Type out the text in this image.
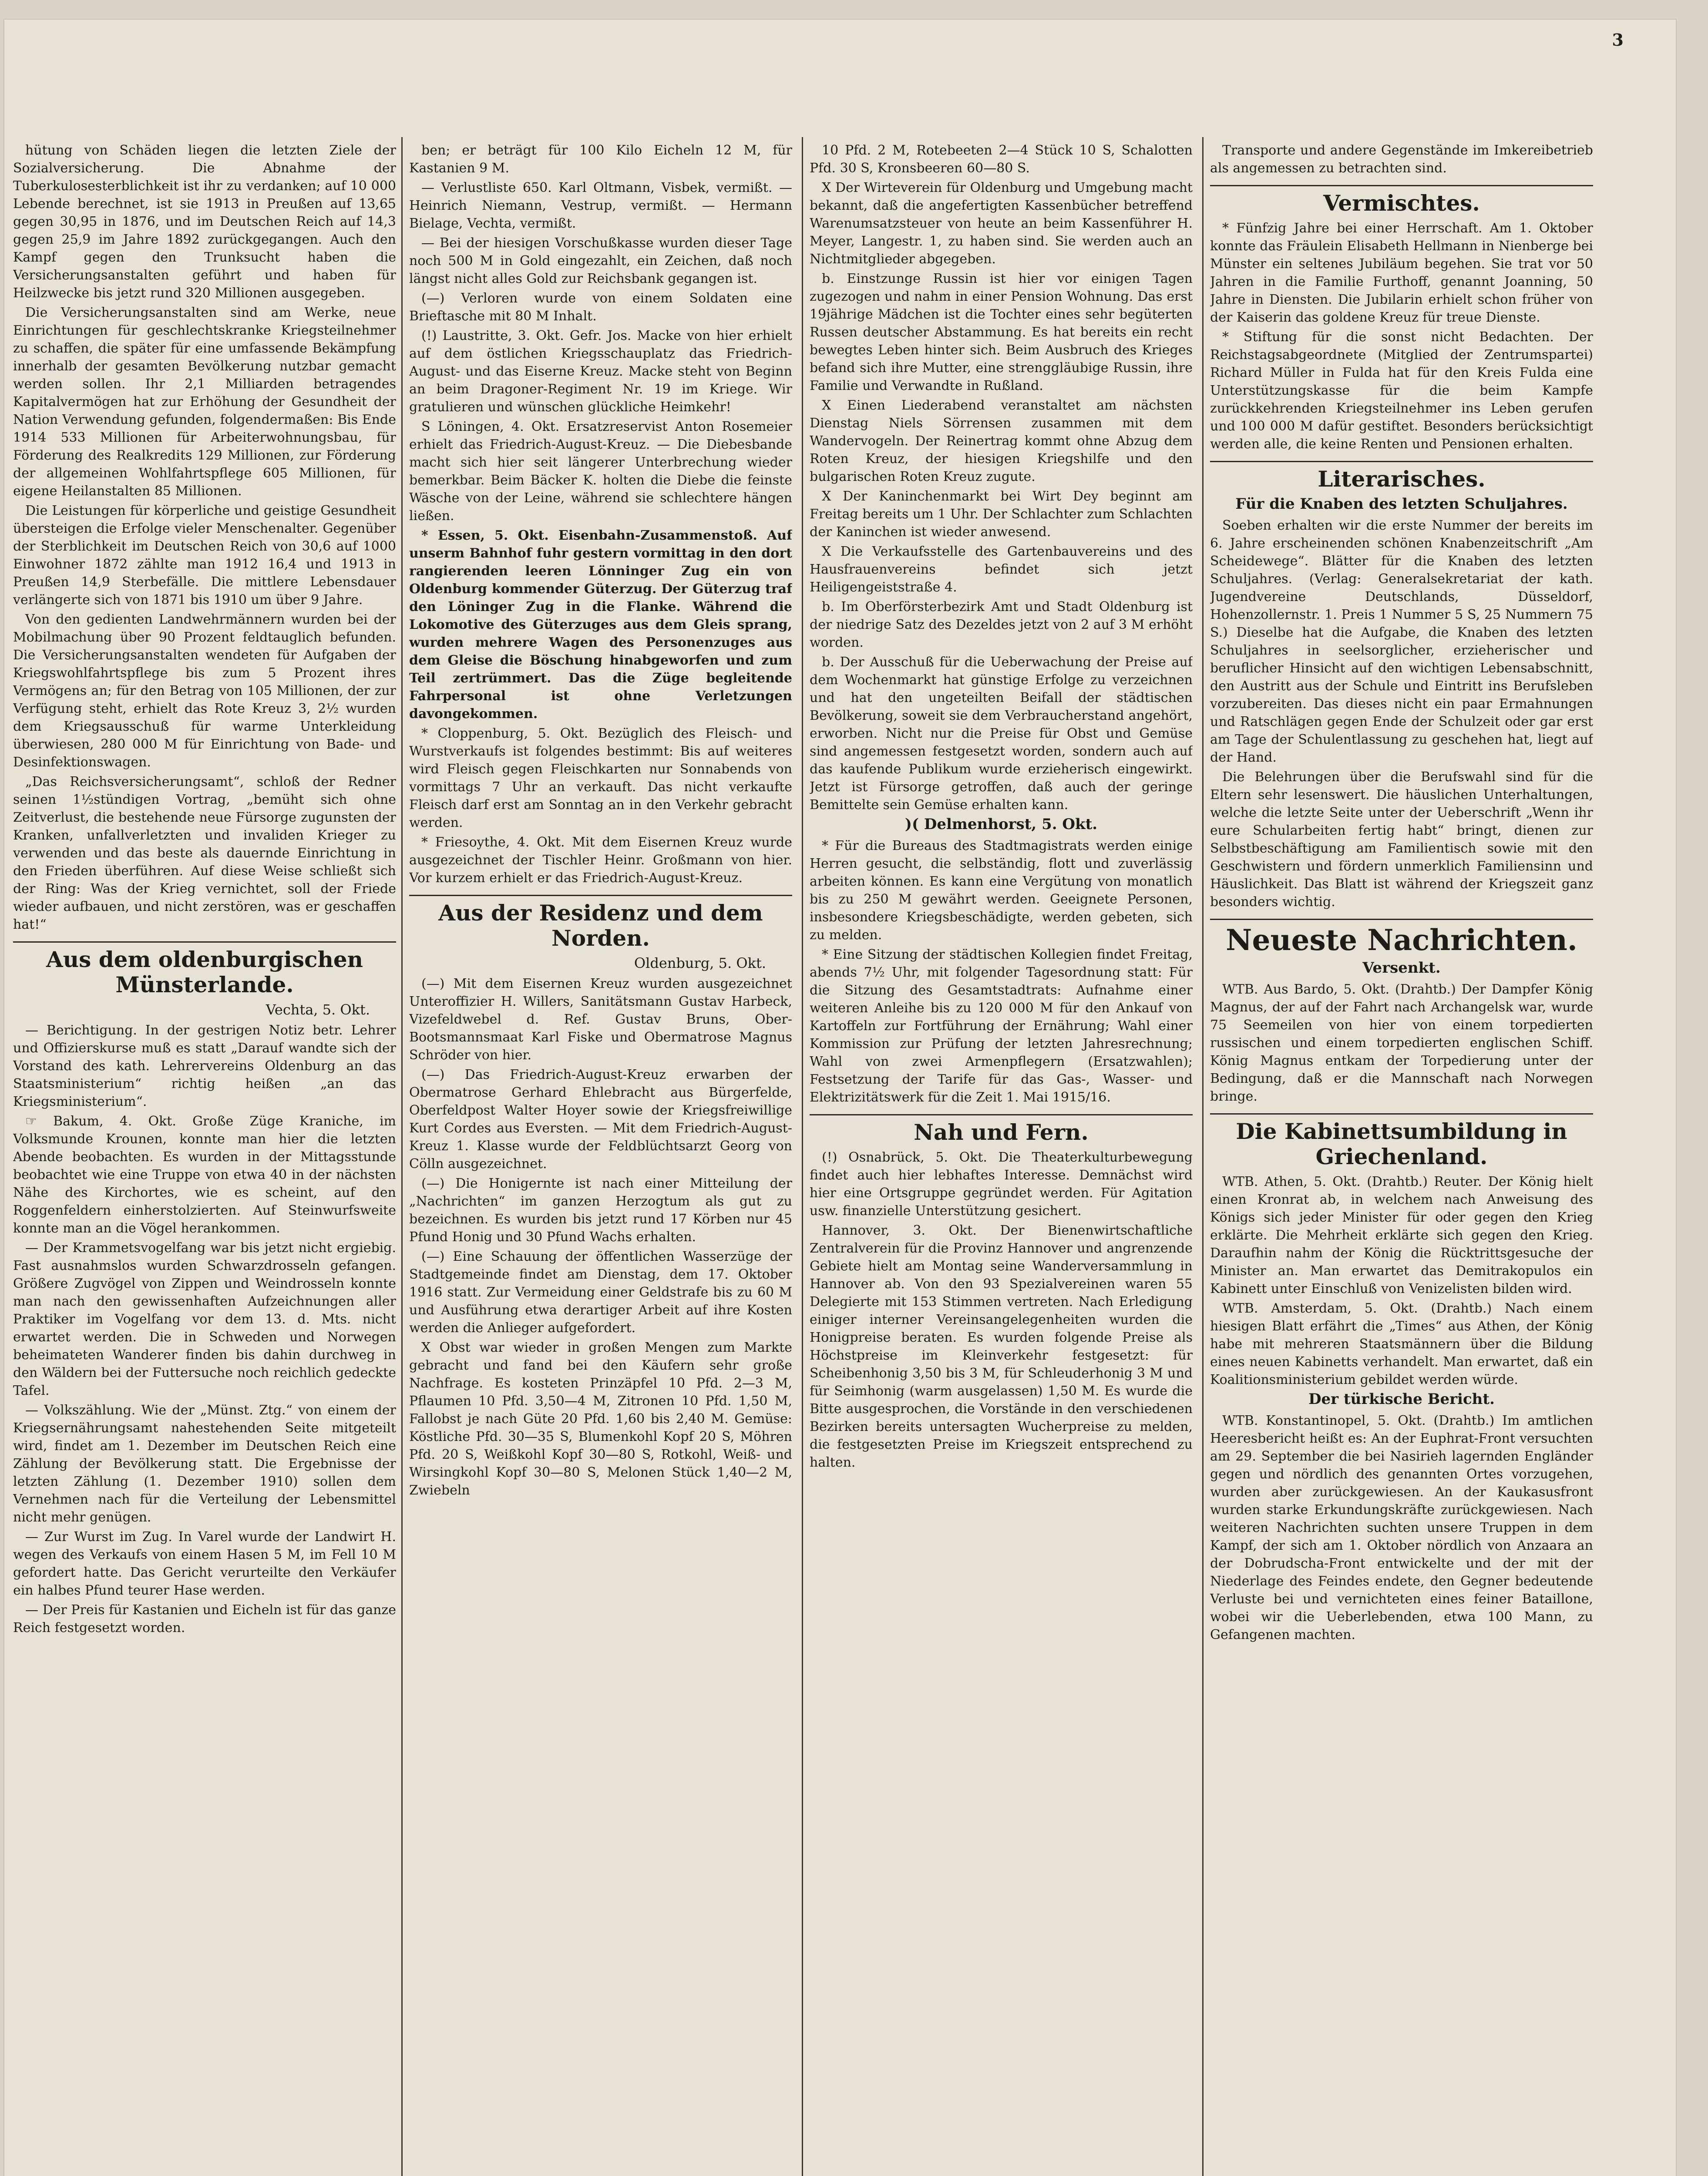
3

hütung von Schäden liegen die letzten Ziele der Sozialversicherung. Die Abnahme der Tuberkulosesterblichkeit ist ihr zu verdanken; auf 10 000 Lebende berechnet, ist sie 1913 in Preußen auf 13,65 gegen 30,95 in 1876, und im Deutschen Reich auf 14,3 gegen 25,9 im Jahre 1892 zurückgegangen. Auch den Kampf gegen den Trunksucht haben die Versicherungsanstalten geführt und haben für Heilzwecke bis jetzt rund 320 Millionen ausgegeben.

Die Versicherungsanstalten sind am Werke, neue Einrichtungen für geschlechtskranke Kriegsteilnehmer zu schaffen, die später für eine umfassende Bekämpfung innerhalb der gesamten Bevölkerung nutzbar gemacht werden sollen. Ihr 2,1 Milliarden betragendes Kapitalvermögen hat zur Erhöhung der Gesundheit der Nation Verwendung gefunden, folgendermaßen: Bis Ende 1914 533 Millionen für Arbeiterwohnungsbau, für Förderung des Realkredits 129 Millionen, zur Förderung der allgemeinen Wohlfahrtspflege 605 Millionen, für eigene Heilanstalten 85 Millionen.

Die Leistungen für körperliche und geistige Gesundheit übersteigen die Erfolge vieler Menschenalter. Gegenüber der Sterblichkeit im Deutschen Reich von 30,6 auf 1000 Einwohner 1872 zählte man 1912 16,4 und 1913 in Preußen 14,9 Sterbefälle. Die mittlere Lebensdauer verlängerte sich von 1871 bis 1910 um über 9 Jahre.

Von den gedienten Landwehrmännern wurden bei der Mobilmachung über 90 Prozent feldtauglich befunden. Die Versicherungsanstalten wendeten für Aufgaben der Kriegswohlfahrtspflege bis zum 5 Prozent ihres Vermögens an; für den Betrag von 105 Millionen, der zur Verfügung steht, erhielt das Rote Kreuz 3, 2½ wurden dem Kriegsausschuß für warme Unterkleidung überwiesen, 280 000 M für Einrichtung von Bade- und Desinfektionswagen.

„Das Reichsversicherungsamt“, schloß der Redner seinen 1½stündigen Vortrag, „bemüht sich ohne Zeitverlust, die bestehende neue Fürsorge zugunsten der Kranken, unfallverletzten und invaliden Krieger zu verwenden und das beste als dauernde Einrichtung in den Frieden überführen. Auf diese Weise schließt sich der Ring: Was der Krieg vernichtet, soll der Friede wieder aufbauen, und nicht zerstören, was er geschaffen hat!“

Aus dem oldenburgischen Münsterlande.
Vechta, 5. Okt.

— Berichtigung. In der gestrigen Notiz betr. Lehrer und Offizierskurse muß es statt „Darauf wandte sich der Vorstand des kath. Lehrervereins Oldenburg an das Staatsministerium“ richtig heißen „an das Kriegsministerium“.

☞ Bakum, 4. Okt. Große Züge Kraniche, im Volksmunde Krounen, konnte man hier die letzten Abende beobachten. Es wurden in der Mittagsstunde beobachtet wie eine Truppe von etwa 40 in der nächsten Nähe des Kirchortes, wie es scheint, auf den Roggenfeldern einherstolzierten. Auf Steinwurfsweite konnte man an die Vögel herankommen.

— Der Krammetsvogelfang war bis jetzt nicht ergiebig. Fast ausnahmslos wurden Schwarzdrosseln gefangen. Größere Zugvögel von Zippen und Weindrosseln konnte man nach den gewissenhaften Aufzeichnungen aller Praktiker im Vogelfang vor dem 13. d. Mts. nicht erwartet werden. Die in Schweden und Norwegen beheimateten Wanderer finden bis dahin durchweg in den Wäldern bei der Futtersuche noch reichlich gedeckte Tafel.

— Volkszählung. Wie der „Münst. Ztg.“ von einem der Kriegsernährungsamt nahestehenden Seite mitgeteilt wird, findet am 1. Dezember im Deutschen Reich eine Zählung der Bevölkerung statt. Die Ergebnisse der letzten Zählung (1. Dezember 1910) sollen dem Vernehmen nach für die Verteilung der Lebensmittel nicht mehr genügen.

— Zur Wurst im Zug. In Varel wurde der Landwirt H. wegen des Verkaufs von einem Hasen 5 M, im Fell 10 M gefordert hatte. Das Gericht verurteilte den Verkäufer ein halbes Pfund teurer Hase werden.

— Der Preis für Kastanien und Eicheln ist für das ganze Reich festgesetzt worden.

ben; er beträgt für 100 Kilo Eicheln 12 M, für Kastanien 9 M.

— Verlustliste 650. Karl Oltmann, Visbek, vermißt. — Heinrich Niemann, Vestrup, vermißt. — Hermann Bielage, Vechta, vermißt.

— Bei der hiesigen Vorschußkasse wurden dieser Tage noch 500 M in Gold eingezahlt, ein Zeichen, daß noch längst nicht alles Gold zur Reichsbank gegangen ist.

(—) Verloren wurde von einem Soldaten eine Brieftasche mit 80 M Inhalt.

(!) Laustritte, 3. Okt. Gefr. Jos. Macke von hier erhielt auf dem östlichen Kriegsschauplatz das Friedrich-August- und das Eiserne Kreuz. Macke steht von Beginn an beim Dragoner-Regiment Nr. 19 im Kriege. Wir gratulieren und wünschen glückliche Heimkehr!

S Löningen, 4. Okt. Ersatzreservist Anton Rosemeier erhielt das Friedrich-August-Kreuz. — Die Diebesbande macht sich hier seit längerer Unterbrechung wieder bemerkbar. Beim Bäcker K. holten die Diebe die feinste Wäsche von der Leine, während sie schlechtere hängen ließen.

* Essen, 5. Okt. Eisenbahn-Zusammenstoß. Auf unserm Bahnhof fuhr gestern vormittag in den dort rangierenden leeren Lönninger Zug ein von Oldenburg kommender Güterzug. Der Güterzug traf den Löninger Zug in die Flanke. Während die Lokomotive des Güterzuges aus dem Gleis sprang, wurden mehrere Wagen des Personenzuges aus dem Gleise die Böschung hinabgeworfen und zum Teil zertrümmert. Das die Züge begleitende Fahrpersonal ist ohne Verletzungen davongekommen.

* Cloppenburg, 5. Okt. Bezüglich des Fleisch- und Wurstverkaufs ist folgendes bestimmt: Bis auf weiteres wird Fleisch gegen Fleischkarten nur Sonnabends von vormittags 7 Uhr an verkauft. Das nicht verkaufte Fleisch darf erst am Sonntag an in den Verkehr gebracht werden.

* Friesoythe, 4. Okt. Mit dem Eisernen Kreuz wurde ausgezeichnet der Tischler Heinr. Großmann von hier. Vor kurzem erhielt er das Friedrich-August-Kreuz.

Aus der Residenz und dem Norden.
Oldenburg, 5. Okt.

(—) Mit dem Eisernen Kreuz wurden ausgezeichnet Unteroffizier H. Willers, Sanitätsmann Gustav Harbeck, Vizefeldwebel d. Ref. Gustav Bruns, Ober-Bootsmannsmaat Karl Fiske und Obermatrose Magnus Schröder von hier.

(—) Das Friedrich-August-Kreuz erwarben der Obermatrose Gerhard Ehlebracht aus Bürgerfelde, Oberfeldpost Walter Hoyer sowie der Kriegsfreiwillige Kurt Cordes aus Eversten. — Mit dem Friedrich-August-Kreuz 1. Klasse wurde der Feldblüchtsarzt Georg von Cölln ausgezeichnet.

(—) Die Honigernte ist nach einer Mitteilung der „Nachrichten“ im ganzen Herzogtum als gut zu bezeichnen. Es wurden bis jetzt rund 17 Körben nur 45 Pfund Honig und 30 Pfund Wachs erhalten.

(—) Eine Schauung der öffentlichen Wasserzüge der Stadtgemeinde findet am Dienstag, dem 17. Oktober 1916 statt. Zur Vermeidung einer Geldstrafe bis zu 60 M und Ausführung etwa derartiger Arbeit auf ihre Kosten werden die Anlieger aufgefordert.

X Obst war wieder in großen Mengen zum Markte gebracht und fand bei den Käufern sehr große Nachfrage. Es kosteten Prinzäpfel 10 Pfd. 2—3 M, Pflaumen 10 Pfd. 3,50—4 M, Zitronen 10 Pfd. 1,50 M, Fallobst je nach Güte 20 Pfd. 1,60 bis 2,40 M. Gemüse: Köstliche Pfd. 30—35 S, Blumenkohl Kopf 20 S, Möhren Pfd. 20 S, Weißkohl Kopf 30—80 S, Rotkohl, Weiß- und Wirsingkohl Kopf 30—80 S, Melonen Stück 1,40—2 M, Zwiebeln

10 Pfd. 2 M, Rotebeeten 2—4 Stück 10 S, Schalotten Pfd. 30 S, Kronsbeeren 60—80 S.

X Der Wirteverein für Oldenburg und Umgebung macht bekannt, daß die angefertigten Kassenbücher betreffend Warenumsatzsteuer von heute an beim Kassenführer H. Meyer, Langestr. 1, zu haben sind. Sie werden auch an Nichtmitglieder abgegeben.

b. Einstzunge Russin ist hier vor einigen Tagen zugezogen und nahm in einer Pension Wohnung. Das erst 19jährige Mädchen ist die Tochter eines sehr begüterten Russen deutscher Abstammung. Es hat bereits ein recht bewegtes Leben hinter sich. Beim Ausbruch des Krieges befand sich ihre Mutter, eine strenggläubige Russin, ihre Familie und Verwandte in Rußland.

X Einen Liederabend veranstaltet am nächsten Dienstag Niels Sörrensen zusammen mit dem Wandervogeln. Der Reinertrag kommt ohne Abzug dem Roten Kreuz, der hiesigen Kriegshilfe und den bulgarischen Roten Kreuz zugute.

X Der Kaninchenmarkt bei Wirt Dey beginnt am Freitag bereits um 1 Uhr. Der Schlachter zum Schlachten der Kaninchen ist wieder anwesend.

X Die Verkaufsstelle des Gartenbauvereins und des Hausfrauenvereins befindet sich jetzt Heiligengeiststraße 4.

b. Im Oberförsterbezirk Amt und Stadt Oldenburg ist der niedrige Satz des Dezeldes jetzt von 2 auf 3 M erhöht worden.

b. Der Ausschuß für die Ueberwachung der Preise auf dem Wochenmarkt hat günstige Erfolge zu verzeichnen und hat den ungeteilten Beifall der städtischen Bevölkerung, soweit sie dem Verbraucherstand angehört, erworben. Nicht nur die Preise für Obst und Gemüse sind angemessen festgesetzt worden, sondern auch auf das kaufende Publikum wurde erzieherisch eingewirkt. Jetzt ist Fürsorge getroffen, daß auch der geringe Bemittelte sein Gemüse erhalten kann.

)( Delmenhorst, 5. Okt.

* Für die Bureaus des Stadtmagistrats werden einige Herren gesucht, die selbständig, flott und zuverlässig arbeiten können. Es kann eine Vergütung von monatlich bis zu 250 M gewährt werden. Geeignete Personen, insbesondere Kriegsbeschädigte, werden gebeten, sich zu melden.

* Eine Sitzung der städtischen Kollegien findet Freitag, abends 7½ Uhr, mit folgender Tagesordnung statt: Für die Sitzung des Gesamtstadtrats: Aufnahme einer weiteren Anleihe bis zu 120 000 M für den Ankauf von Kartoffeln zur Fortführung der Ernährung; Wahl einer Kommission zur Prüfung der letzten Jahresrechnung; Wahl von zwei Armenpflegern (Ersatzwahlen); Festsetzung der Tarife für das Gas-, Wasser- und Elektrizitätswerk für die Zeit 1. Mai 1915/16.

Nah und Fern.

(!) Osnabrück, 5. Okt. Die Theaterkulturbewegung findet auch hier lebhaftes Interesse. Demnächst wird hier eine Ortsgruppe gegründet werden. Für Agitation usw. finanzielle Unterstützung gesichert.

Hannover, 3. Okt. Der Bienenwirtschaftliche Zentralverein für die Provinz Hannover und angrenzende Gebiete hielt am Montag seine Wanderversammlung in Hannover ab. Von den 93 Spezialvereinen waren 55 Delegierte mit 153 Stimmen vertreten. Nach Erledigung einiger interner Vereinsangelegenheiten wurden die Honigpreise beraten. Es wurden folgende Preise als Höchstpreise im Kleinverkehr festgesetzt: für Scheibenhonig 3,50 bis 3 M, für Schleuderhonig 3 M und für Seimhonig (warm ausgelassen) 1,50 M. Es wurde die Bitte ausgesprochen, die Vorstände in den verschiedenen Bezirken bereits untersagten Wucherpreise zu melden, die festgesetzten Preise im Kriegszeit entsprechend zu halten.

Transporte und andere Gegenstände im Imkereibetrieb als angemessen zu betrachten sind.

Vermischtes.

* Fünfzig Jahre bei einer Herrschaft. Am 1. Oktober konnte das Fräulein Elisabeth Hellmann in Nienberge bei Münster ein seltenes Jubiläum begehen. Sie trat vor 50 Jahren in die Familie Furthoff, genannt Joanning, 50 Jahre in Diensten. Die Jubilarin erhielt schon früher von der Kaiserin das goldene Kreuz für treue Dienste.

* Stiftung für die sonst nicht Bedachten. Der Reichstagsabgeordnete (Mitglied der Zentrumspartei) Richard Müller in Fulda hat für den Kreis Fulda eine Unterstützungskasse für die beim Kampfe zurückkehrenden Kriegsteilnehmer ins Leben gerufen und 100 000 M dafür gestiftet. Besonders berücksichtigt werden alle, die keine Renten und Pensionen erhalten.

Literarisches.
Für die Knaben des letzten Schuljahres.

Soeben erhalten wir die erste Nummer der bereits im 6. Jahre erscheinenden schönen Knabenzeitschrift „Am Scheidewege“. Blätter für die Knaben des letzten Schuljahres. (Verlag: Generalsekretariat der kath. Jugendvereine Deutschlands, Düsseldorf, Hohenzollernstr. 1. Preis 1 Nummer 5 S, 25 Nummern 75 S.) Dieselbe hat die Aufgabe, die Knaben des letzten Schuljahres in seelsorglicher, erzieherischer und beruflicher Hinsicht auf den wichtigen Lebensabschnitt, den Austritt aus der Schule und Eintritt ins Berufsleben vorzubereiten. Das dieses nicht ein paar Ermahnungen und Ratschlägen gegen Ende der Schulzeit oder gar erst am Tage der Schulentlassung zu geschehen hat, liegt auf der Hand.

Die Belehrungen über die Berufswahl sind für die Eltern sehr lesenswert. Die häuslichen Unterhaltungen, welche die letzte Seite unter der Ueberschrift „Wenn ihr eure Schularbeiten fertig habt“ bringt, dienen zur Selbstbeschäftigung am Familientisch sowie mit den Geschwistern und fördern unmerklich Familiensinn und Häuslichkeit. Das Blatt ist während der Kriegszeit ganz besonders wichtig.

Neueste Nachrichten.
Versenkt.

WTB. Aus Bardo, 5. Okt. (Drahtb.) Der Dampfer König Magnus, der auf der Fahrt nach Archangelsk war, wurde 75 Seemeilen von hier von einem torpedierten russischen und einem torpedierten englischen Schiff. König Magnus entkam der Torpedierung unter der Bedingung, daß er die Mannschaft nach Norwegen bringe.

Die Kabinettsumbildung in Griechenland.

WTB. Athen, 5. Okt. (Drahtb.) Reuter. Der König hielt einen Kronrat ab, in welchem nach Anweisung des Königs sich jeder Minister für oder gegen den Krieg erklärte. Die Mehrheit erklärte sich gegen den Krieg. Daraufhin nahm der König die Rücktrittsgesuche der Minister an. Man erwartet das Demitrakopulos ein Kabinett unter Einschluß von Venizelisten bilden wird.

WTB. Amsterdam, 5. Okt. (Drahtb.) Nach einem hiesigen Blatt erfährt die „Times“ aus Athen, der König habe mit mehreren Staatsmännern über die Bildung eines neuen Kabinetts verhandelt. Man erwartet, daß ein Koalitionsministerium gebildet werden würde.

Der türkische Bericht.

WTB. Konstantinopel, 5. Okt. (Drahtb.) Im amtlichen Heeresbericht heißt es: An der Euphrat-Front versuchten am 29. September die bei Nasirieh lagernden Engländer gegen und nördlich des genannten Ortes vorzugehen, wurden aber zurückgewiesen. An der Kaukasusfront wurden starke Erkundungskräfte zurückgewiesen. Nach weiteren Nachrichten suchten unsere Truppen in dem Kampf, der sich am 1. Oktober nördlich von Anzaara an der Dobrudscha-Front entwickelte und der mit der Niederlage des Feindes endete, den Gegner bedeutende Verluste bei und vernichteten eines feiner Bataillone, wobei wir die Ueberlebenden, etwa 100 Mann, zu Gefangenen machten.
